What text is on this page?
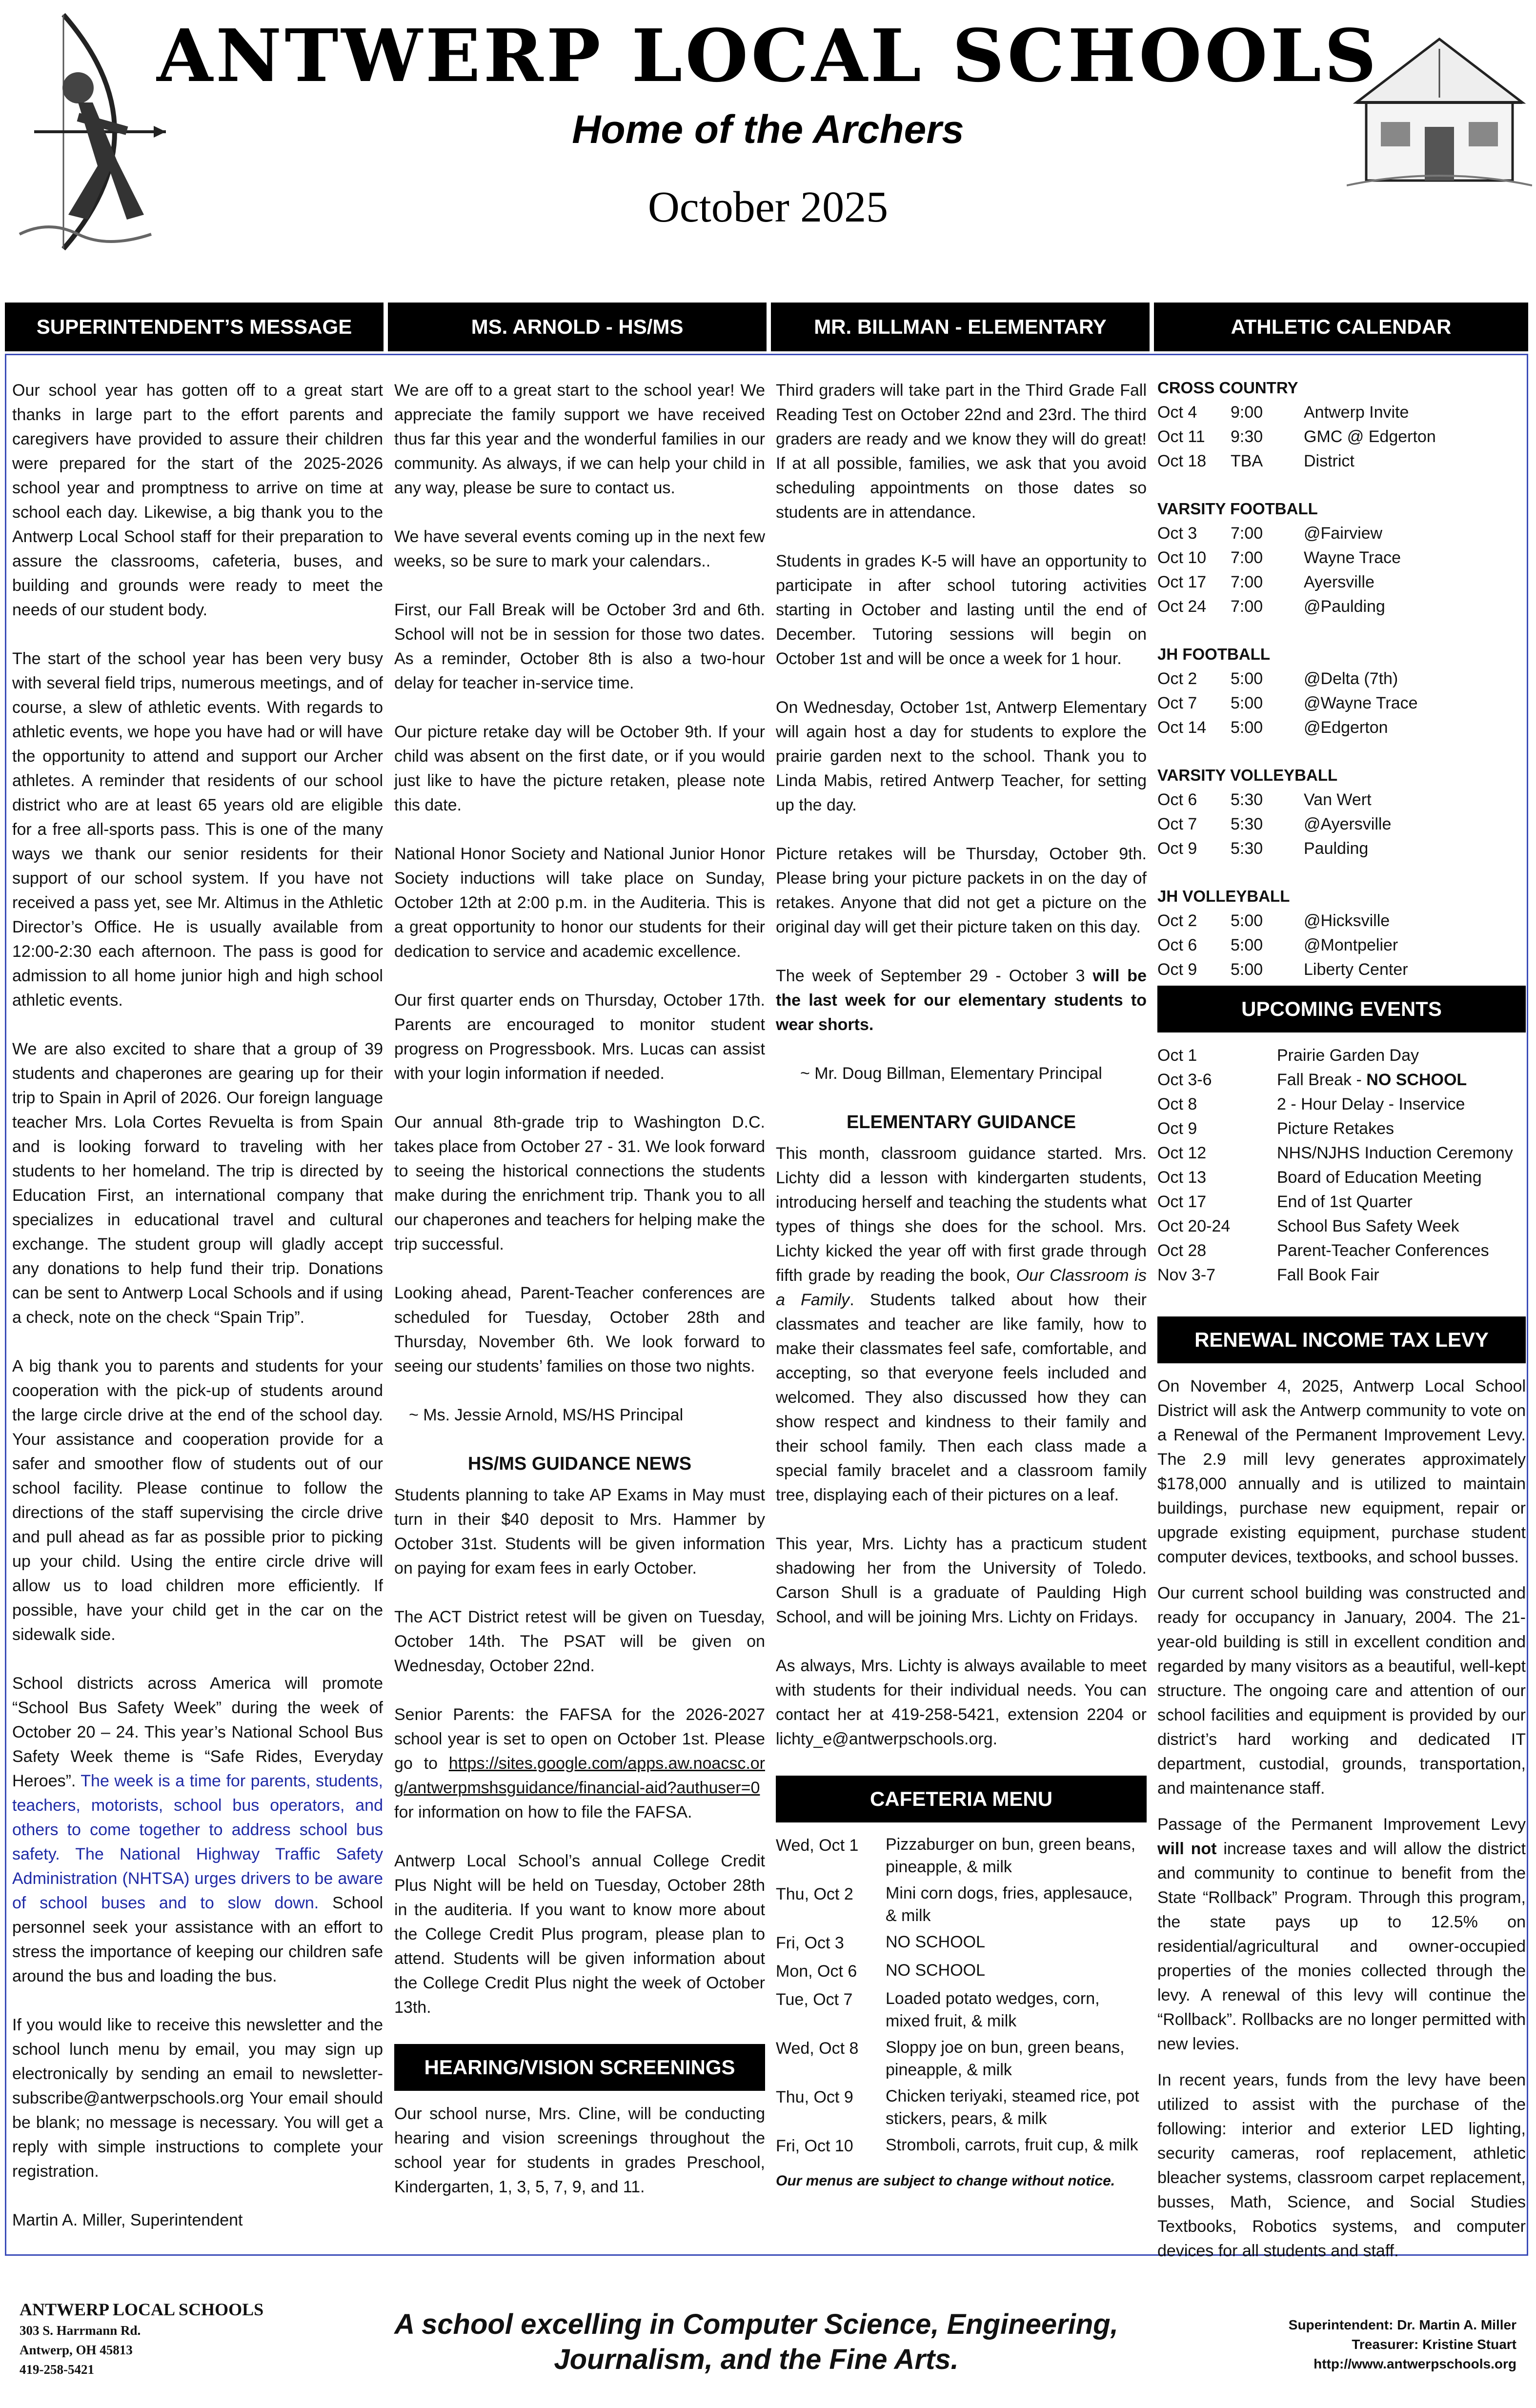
ANTWERP LOCAL SCHOOLS
Home of the Archers
October 2025
SUPERINTENDENT’S MESSAGE	MS. ARNOLD - HS/MS	MR. BILLMAN - ELEMENTARY	ATHLETIC CALENDAR

Our school year has gotten off to a great start thanks in large part to the effort parents and caregivers have provided to assure their children were prepared for the start of the 2025-2026 school year and promptness to arrive on time at school each day. Likewise, a big thank you to the Antwerp Local School staff for their preparation to assure the classrooms, cafeteria, buses, and building and grounds were ready to meet the needs of our student body.

The start of the school year has been very busy with several field trips, numerous meetings, and of course, a slew of athletic events. With regards to athletic events, we hope you have had or will have the opportunity to attend and support our Archer athletes. A reminder that residents of our school district who are at least 65 years old are eligible for a free all-sports pass. This is one of the many ways we thank our senior residents for their support of our school system. If you have not received a pass yet, see Mr. Altimus in the Athletic Director’s Office. He is usually available from 12:00-2:30 each afternoon. The pass is good for admission to all home junior high and high school athletic events.

We are also excited to share that a group of 39 students and chaperones are gearing up for their trip to Spain in April of 2026. Our foreign language teacher Mrs. Lola Cortes Revuelta is from Spain and is looking forward to traveling with her students to her homeland. The trip is directed by Education First, an international company that specializes in educational travel and cultural exchange. The student group will gladly accept any donations to help fund their trip. Donations can be sent to Antwerp Local Schools and if using a check, note on the check “Spain Trip”.

A big thank you to parents and students for your cooperation with the pick-up of students around the large circle drive at the end of the school day. Your assistance and cooperation provide for a safer and smoother flow of students out of our school facility. Please continue to follow the directions of the staff supervising the circle drive and pull ahead as far as possible prior to picking up your child. Using the entire circle drive will allow us to load children more efficiently. If possible, have your child get in the car on the sidewalk side.

School districts across America will promote “School Bus Safety Week” during the week of October 20 – 24. This year’s National School Bus Safety Week theme is “Safe Rides, Everyday Heroes”. The week is a time for parents, students, teachers, motorists, school bus operators, and others to come together to address school bus safety. The National Highway Traffic Safety Administration (NHTSA) urges drivers to be aware of school buses and to slow down. School personnel seek your assistance with an effort to stress the importance of keeping our children safe around the bus and loading the bus.

If you would like to receive this newsletter and the school lunch menu by email, you may sign up electronically by sending an email to newsletter-subscribe@antwerpschools.org Your email should be blank; no message is necessary. You will get a reply with simple instructions to complete your registration.

Martin A. Miller, Superintendent

We are off to a great start to the school year! We appreciate the family support we have received thus far this year and the wonderful families in our community. As always, if we can help your child in any way, please be sure to contact us.

We have several events coming up in the next few weeks, so be sure to mark your calendars..

First, our Fall Break will be October 3rd and 6th. School will not be in session for those two dates. As a reminder, October 8th is also a two-hour delay for teacher in-service time.

Our picture retake day will be October 9th. If your child was absent on the first date, or if you would just like to have the picture retaken, please note this date.

National Honor Society and National Junior Honor Society inductions will take place on Sunday, October 12th at 2:00 p.m. in the Auditeria. This is a great opportunity to honor our students for their dedication to service and academic excellence.

Our first quarter ends on Thursday, October 17th. Parents are encouraged to monitor student progress on Progressbook. Mrs. Lucas can assist with your login information if needed.

Our annual 8th-grade trip to Washington D.C. takes place from October 27 - 31. We look forward to seeing the historical connections the students make during the enrichment trip. Thank you to all our chaperones and teachers for helping make the trip successful.

Looking ahead, Parent-Teacher conferences are scheduled for Tuesday, October 28th and Thursday, November 6th. We look forward to seeing our students’ families on those two nights.

~ Ms. Jessie Arnold, MS/HS Principal

HS/MS GUIDANCE NEWS

Students planning to take AP Exams in May must turn in their $40 deposit to Mrs. Hammer by October 31st. Students will be given information on paying for exam fees in early October.

The ACT District retest will be given on Tuesday, October 14th. The PSAT will be given on Wednesday, October 22nd.

Senior Parents: the FAFSA for the 2026-2027 school year is set to open on October 1st. Please go to https://sites.google.com/apps.aw.noacsc.org/antwerpmshsguidance/financial-aid?authuser=0 for information on how to file the FAFSA.

Antwerp Local School’s annual College Credit Plus Night will be held on Tuesday, October 28th in the auditeria. If you want to know more about the College Credit Plus program, please plan to attend. Students will be given information about the College Credit Plus night the week of October 13th.

HEARING/VISION SCREENINGS

Our school nurse, Mrs. Cline, will be conducting hearing and vision screenings throughout the school year for students in grades Preschool, Kindergarten, 1, 3, 5, 7, 9, and 11.

Third graders will take part in the Third Grade Fall Reading Test on October 22nd and 23rd. The third graders are ready and we know they will do great! If at all possible, families, we ask that you avoid scheduling appointments on those dates so students are in attendance.

Students in grades K-5 will have an opportunity to participate in after school tutoring activities starting in October and lasting until the end of December. Tutoring sessions will begin on October 1st and will be once a week for 1 hour.

On Wednesday, October 1st, Antwerp Elementary will again host a day for students to explore the prairie garden next to the school. Thank you to Linda Mabis, retired Antwerp Teacher, for setting up the day.

Picture retakes will be Thursday, October 9th. Please bring your picture packets in on the day of retakes. Anyone that did not get a picture on the original day will get their picture taken on this day.

The week of September 29 - October 3 will be the last week for our elementary students to wear shorts.

~ Mr. Doug Billman, Elementary Principal

ELEMENTARY GUIDANCE

This month, classroom guidance started. Mrs. Lichty did a lesson with kindergarten students, introducing herself and teaching the students what types of things she does for the school. Mrs. Lichty kicked the year off with first grade through fifth grade by reading the book, Our Classroom is a Family. Students talked about how their classmates and teacher are like family, how to make their classmates feel safe, comfortable, and accepting, so that everyone feels included and welcomed. They also discussed how they can show respect and kindness to their family and their school family. Then each class made a special family bracelet and a classroom family tree, displaying each of their pictures on a leaf.

This year, Mrs. Lichty has a practicum student shadowing her from the University of Toledo. Carson Shull is a graduate of Paulding High School, and will be joining Mrs. Lichty on Fridays.

As always, Mrs. Lichty is always available to meet with students for their individual needs. You can contact her at 419-258-5421, extension 2204 or lichty_e@antwerpschools.org.

CAFETERIA MENU
Wed, Oct 1	Pizzaburger on bun, green beans, pineapple, & milk
Thu, Oct 2	Mini corn dogs, fries, applesauce, & milk
Fri, Oct 3	NO SCHOOL
Mon, Oct 6	NO SCHOOL
Tue, Oct 7	Loaded potato wedges, corn, mixed fruit, & milk
Wed, Oct 8	Sloppy joe on bun, green beans, pineapple, & milk
Thu, Oct 9	Chicken teriyaki, steamed rice, pot stickers, pears, & milk
Fri, Oct 10	Stromboli, carrots, fruit cup, & milk
Our menus are subject to change without notice.
CROSS COUNTRY
Oct 4	9:00	Antwerp Invite
Oct 11	9:30	GMC @ Edgerton
Oct 18	TBA	District
VARSITY FOOTBALL
Oct 3	7:00	@Fairview
Oct 10	7:00	Wayne Trace
Oct 17	7:00	Ayersville
Oct 24	7:00	@Paulding
JH FOOTBALL
Oct 2	5:00	@Delta (7th)
Oct 7	5:00	@Wayne Trace
Oct 14	5:00	@Edgerton
VARSITY VOLLEYBALL
Oct 6	5:30	Van Wert
Oct 7	5:30	@Ayersville
Oct 9	5:30	Paulding
JH VOLLEYBALL
Oct 2	5:00	@Hicksville
Oct 6	5:00	@Montpelier
Oct 9	5:00	Liberty Center
UPCOMING EVENTS
Oct 1	Prairie Garden Day
Oct 3-6	Fall Break - NO SCHOOL
Oct 8	2 - Hour Delay - Inservice
Oct 9	Picture Retakes
Oct 12	NHS/NJHS Induction Ceremony
Oct 13	Board of Education Meeting
Oct 17	End of 1st Quarter
Oct 20-24	School Bus Safety Week
Oct 28	Parent-Teacher Conferences
Nov 3-7	Fall Book Fair
RENEWAL INCOME TAX LEVY

On November 4, 2025, Antwerp Local School District will ask the Antwerp community to vote on a Renewal of the Permanent Improvement Levy. The 2.9 mill levy generates approximately $178,000 annually and is utilized to maintain buildings, purchase new equipment, repair or upgrade existing equipment, purchase student computer devices, textbooks, and school busses.

Our current school building was constructed and ready for occupancy in January, 2004. The 21-year-old building is still in excellent condition and regarded by many visitors as a beautiful, well-kept structure. The ongoing care and attention of our school facilities and equipment is provided by our district’s hard working and dedicated IT department, custodial, grounds, transportation, and maintenance staff.

Passage of the Permanent Improvement Levy will not increase taxes and will allow the district and community to continue to benefit from the State “Rollback” Program. Through this program, the state pays up to 12.5% on residential/agricultural and owner-occupied properties of the monies collected through the levy. A renewal of this levy will continue the “Rollback”. Rollbacks are no longer permitted with new levies.

In recent years, funds from the levy have been utilized to assist with the purchase of the following: interior and exterior LED lighting, security cameras, roof replacement, athletic bleacher systems, classroom carpet replacement, busses, Math, Science, and Social Studies Textbooks, Robotics systems, and computer devices for all students and staff.

ANTWERP LOCAL SCHOOLS
303 S. Harrmann Rd.
Antwerp, OH 45813
419-258-5421
A school excelling in Computer Science, Engineering,
Journalism, and the Fine Arts.
Superintendent: Dr. Martin A. Miller
Treasurer: Kristine Stuart
http://www.antwerpschools.org
